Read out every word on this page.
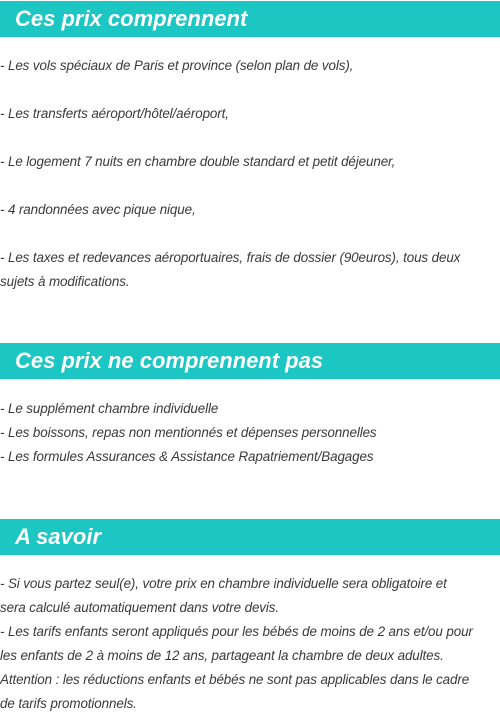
Ces prix comprennent
- Les vols spéciaux de Paris et province (selon plan de vols),
- Les transferts aéroport/hôtel/aéroport,
- Le logement 7 nuits en chambre double standard et petit déjeuner,
- 4 randonnées avec pique nique,
- Les taxes et redevances aéroportuaires, frais de dossier (90euros), tous deux
sujets à modifications.
Ces prix ne comprennent pas
- Le supplément chambre individuelle
- Les boissons, repas non mentionnés et dépenses personnelles
- Les formules Assurances & Assistance Rapatriement/Bagages
A savoir
- Si vous partez seul(e), votre prix en chambre individuelle sera obligatoire et
sera calculé automatiquement dans votre devis.
- Les tarifs enfants seront appliqués pour les bébés de moins de 2 ans et/ou pour
les enfants de 2 à moins de 12 ans, partageant la chambre de deux adultes.
Attention : les réductions enfants et bébés ne sont pas applicables dans le cadre
de tarifs promotionnels.
